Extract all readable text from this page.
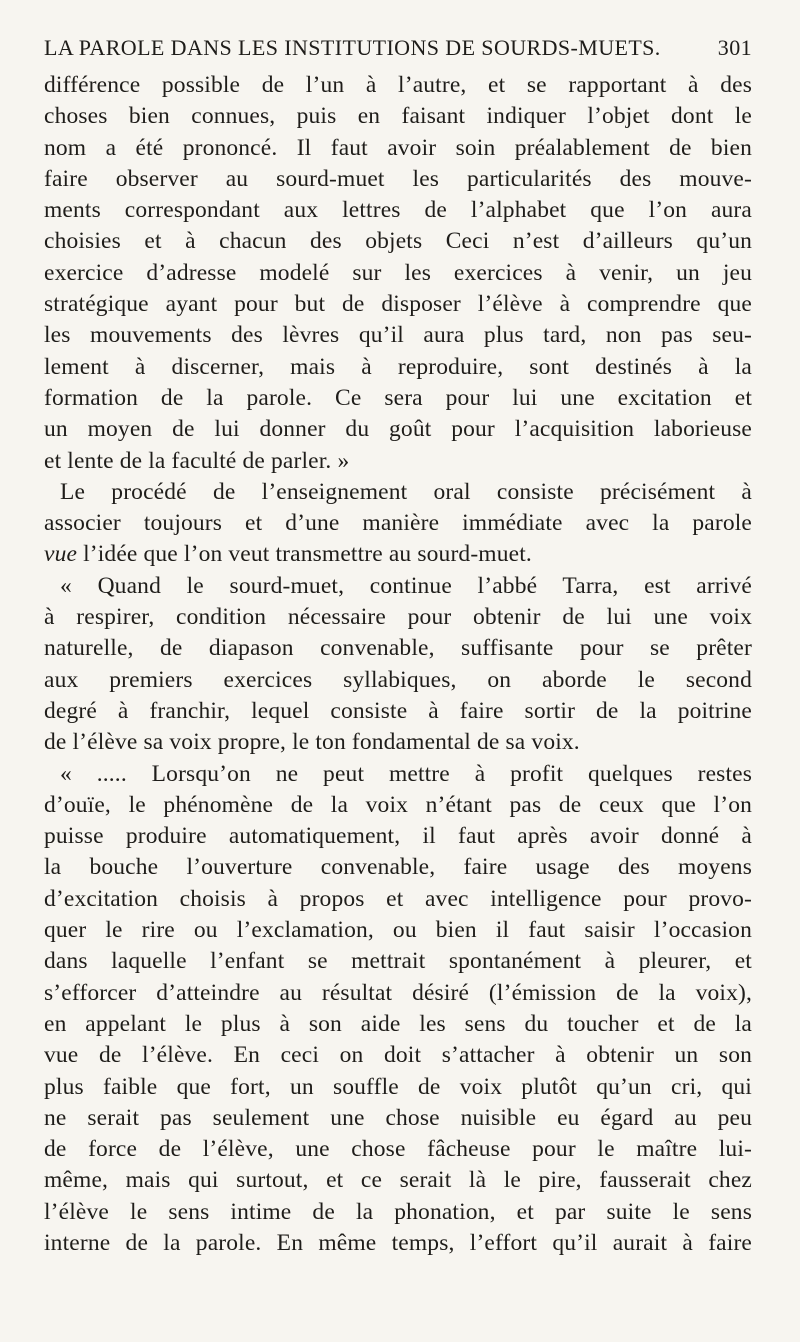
LA PAROLE DANS LES INSTITUTIONS DE SOURDS-MUETS.	301

différence possible de l’un à l’autre, et se rapportant à des
choses bien connues, puis en faisant indiquer l’objet dont le
nom a été prononcé. Il faut avoir soin préalablement de bien
faire observer au sourd-muet les particularités des mouve-
ments correspondant aux lettres de l’alphabet que l’on aura
choisies et à chacun des objets Ceci n’est d’ailleurs qu’un
exercice d’adresse modelé sur les exercices à venir, un jeu
stratégique ayant pour but de disposer l’élève à comprendre que
les mouvements des lèvres qu’il aura plus tard, non pas seu-
lement à discerner, mais à reproduire, sont destinés à la
formation de la parole. Ce sera pour lui une excitation et
un moyen de lui donner du goût pour l’acquisition laborieuse
et lente de la faculté de parler. »

Le procédé de l’enseignement oral consiste précisément à
associer toujours et d’une manière immédiate avec la parole
vue l’idée que l’on veut transmettre au sourd-muet.

« Quand le sourd-muet, continue l’abbé Tarra, est arrivé
à respirer, condition nécessaire pour obtenir de lui une voix
naturelle, de diapason convenable, suffisante pour se prêter
aux premiers exercices syllabiques, on aborde le second
degré à franchir, lequel consiste à faire sortir de la poitrine
de l’élève sa voix propre, le ton fondamental de sa voix.

« ..... Lorsqu’on ne peut mettre à profit quelques restes
d’ouïe, le phénomène de la voix n’étant pas de ceux que l’on
puisse produire automatiquement, il faut après avoir donné à
la bouche l’ouverture convenable, faire usage des moyens
d’excitation choisis à propos et avec intelligence pour provo-
quer le rire ou l’exclamation, ou bien il faut saisir l’occasion
dans laquelle l’enfant se mettrait spontanément à pleurer, et
s’efforcer d’atteindre au résultat désiré (l’émission de la voix),
en appelant le plus à son aide les sens du toucher et de la
vue de l’élève. En ceci on doit s’attacher à obtenir un son
plus faible que fort, un souffle de voix plutôt qu’un cri, qui
ne serait pas seulement une chose nuisible eu égard au peu
de force de l’élève, une chose fâcheuse pour le maître lui-
même, mais qui surtout, et ce serait là le pire, fausserait chez
l’élève le sens intime de la phonation, et par suite le sens
interne de la parole. En même temps, l’effort qu’il aurait à faire
